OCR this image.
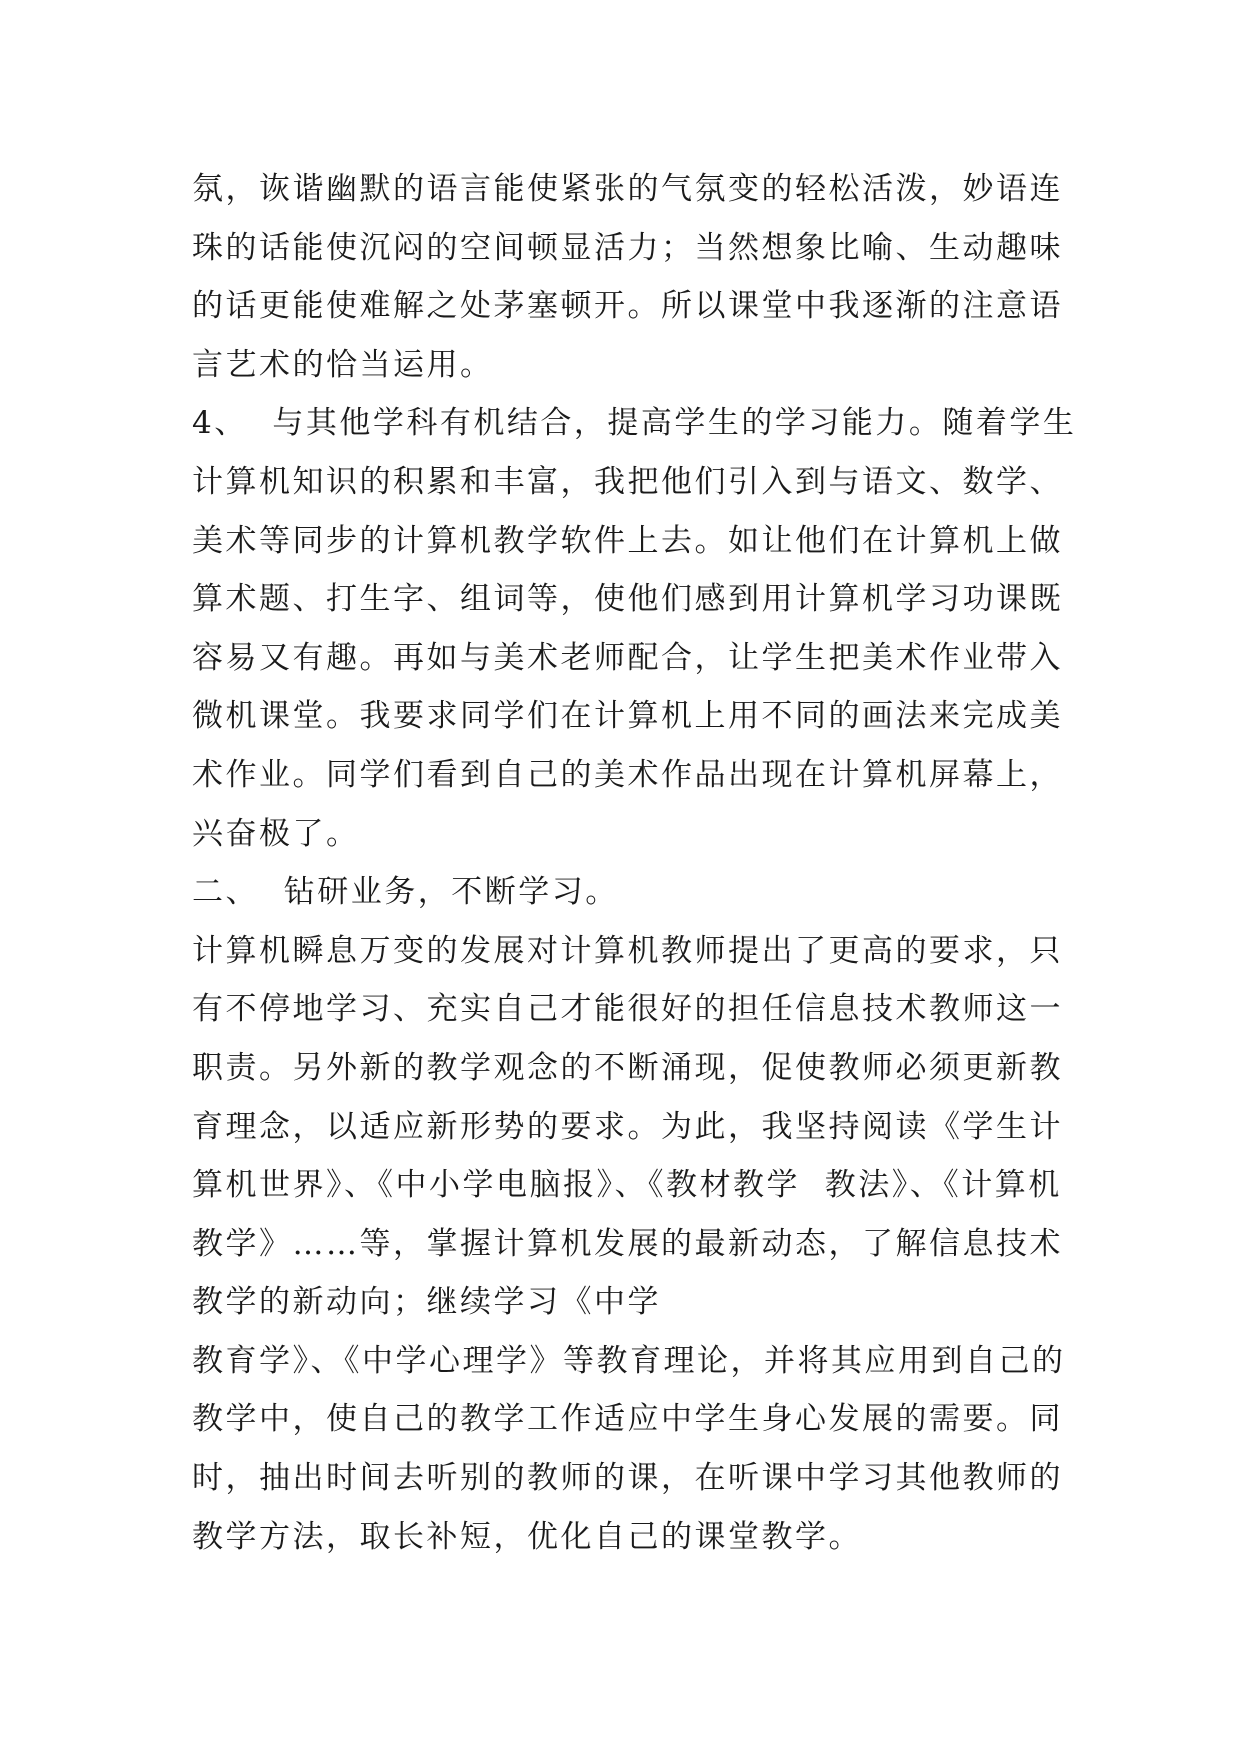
氛，诙谐幽默的语言能使紧张的气氛变的轻松活泼，妙语连
珠的话能使沉闷的空间顿显活力；当然想象比喻、生动趣味
的话更能使难解之处茅塞顿开。所以课堂中我逐渐的注意语
言艺术的恰当运用。
4、  与其他学科有机结合，提高学生的学习能力。随着学生
计算机知识的积累和丰富，我把他们引入到与语文、数学、
美术等同步的计算机教学软件上去。如让他们在计算机上做
算术题、打生字、组词等，使他们感到用计算机学习功课既
容易又有趣。再如与美术老师配合，让学生把美术作业带入
微机课堂。我要求同学们在计算机上用不同的画法来完成美
术作业。同学们看到自己的美术作品出现在计算机屏幕上，
兴奋极了。
二、  钻研业务，不断学习。
计算机瞬息万变的发展对计算机教师提出了更高的要求，只
有不停地学习、充实自己才能很好的担任信息技术教师这一
职责。另外新的教学观念的不断涌现，促使教师必须更新教
育理念，以适应新形势的要求。为此，我坚持阅读《学生计
算机世界》、《中小学电脑报》、《教材教学  教法》、《计算机
教学》……等，掌握计算机发展的最新动态，了解信息技术
教学的新动向；继续学习《中学
教育学》、《中学心理学》等教育理论，并将其应用到自己的
教学中，使自己的教学工作适应中学生身心发展的需要。同
时，抽出时间去听别的教师的课，在听课中学习其他教师的
教学方法，取长补短，优化自己的课堂教学。
